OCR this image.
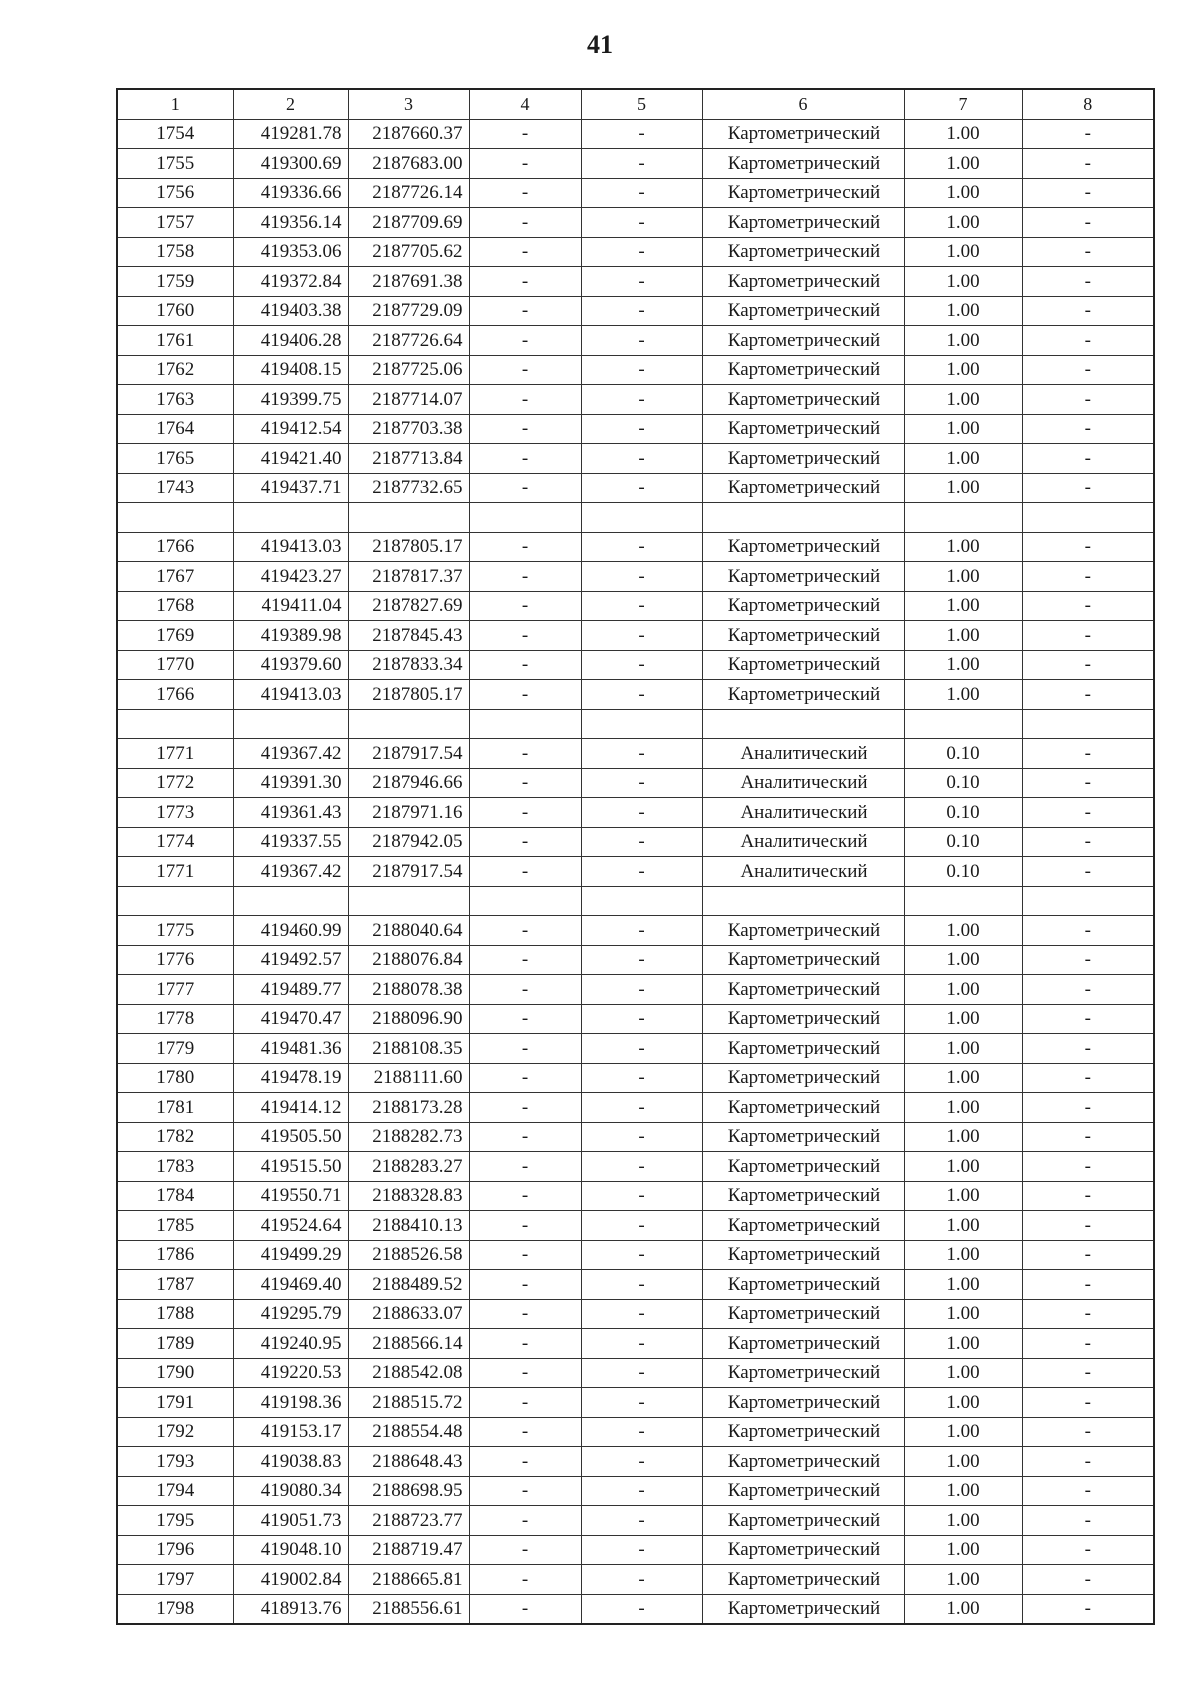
41
1	2	3	4	5	6	7	8
1754	419281.78	2187660.37	-	-	Картометрический	1.00	-
1755	419300.69	2187683.00	-	-	Картометрический	1.00	-
1756	419336.66	2187726.14	-	-	Картометрический	1.00	-
1757	419356.14	2187709.69	-	-	Картометрический	1.00	-
1758	419353.06	2187705.62	-	-	Картометрический	1.00	-
1759	419372.84	2187691.38	-	-	Картометрический	1.00	-
1760	419403.38	2187729.09	-	-	Картометрический	1.00	-
1761	419406.28	2187726.64	-	-	Картометрический	1.00	-
1762	419408.15	2187725.06	-	-	Картометрический	1.00	-
1763	419399.75	2187714.07	-	-	Картометрический	1.00	-
1764	419412.54	2187703.38	-	-	Картометрический	1.00	-
1765	419421.40	2187713.84	-	-	Картометрический	1.00	-
1743	419437.71	2187732.65	-	-	Картометрический	1.00	-

1766	419413.03	2187805.17	-	-	Картометрический	1.00	-
1767	419423.27	2187817.37	-	-	Картометрический	1.00	-
1768	419411.04	2187827.69	-	-	Картометрический	1.00	-
1769	419389.98	2187845.43	-	-	Картометрический	1.00	-
1770	419379.60	2187833.34	-	-	Картометрический	1.00	-
1766	419413.03	2187805.17	-	-	Картометрический	1.00	-

1771	419367.42	2187917.54	-	-	Аналитический	0.10	-
1772	419391.30	2187946.66	-	-	Аналитический	0.10	-
1773	419361.43	2187971.16	-	-	Аналитический	0.10	-
1774	419337.55	2187942.05	-	-	Аналитический	0.10	-
1771	419367.42	2187917.54	-	-	Аналитический	0.10	-

1775	419460.99	2188040.64	-	-	Картометрический	1.00	-
1776	419492.57	2188076.84	-	-	Картометрический	1.00	-
1777	419489.77	2188078.38	-	-	Картометрический	1.00	-
1778	419470.47	2188096.90	-	-	Картометрический	1.00	-
1779	419481.36	2188108.35	-	-	Картометрический	1.00	-
1780	419478.19	2188111.60	-	-	Картометрический	1.00	-
1781	419414.12	2188173.28	-	-	Картометрический	1.00	-
1782	419505.50	2188282.73	-	-	Картометрический	1.00	-
1783	419515.50	2188283.27	-	-	Картометрический	1.00	-
1784	419550.71	2188328.83	-	-	Картометрический	1.00	-
1785	419524.64	2188410.13	-	-	Картометрический	1.00	-
1786	419499.29	2188526.58	-	-	Картометрический	1.00	-
1787	419469.40	2188489.52	-	-	Картометрический	1.00	-
1788	419295.79	2188633.07	-	-	Картометрический	1.00	-
1789	419240.95	2188566.14	-	-	Картометрический	1.00	-
1790	419220.53	2188542.08	-	-	Картометрический	1.00	-
1791	419198.36	2188515.72	-	-	Картометрический	1.00	-
1792	419153.17	2188554.48	-	-	Картометрический	1.00	-
1793	419038.83	2188648.43	-	-	Картометрический	1.00	-
1794	419080.34	2188698.95	-	-	Картометрический	1.00	-
1795	419051.73	2188723.77	-	-	Картометрический	1.00	-
1796	419048.10	2188719.47	-	-	Картометрический	1.00	-
1797	419002.84	2188665.81	-	-	Картометрический	1.00	-
1798	418913.76	2188556.61	-	-	Картометрический	1.00	-
